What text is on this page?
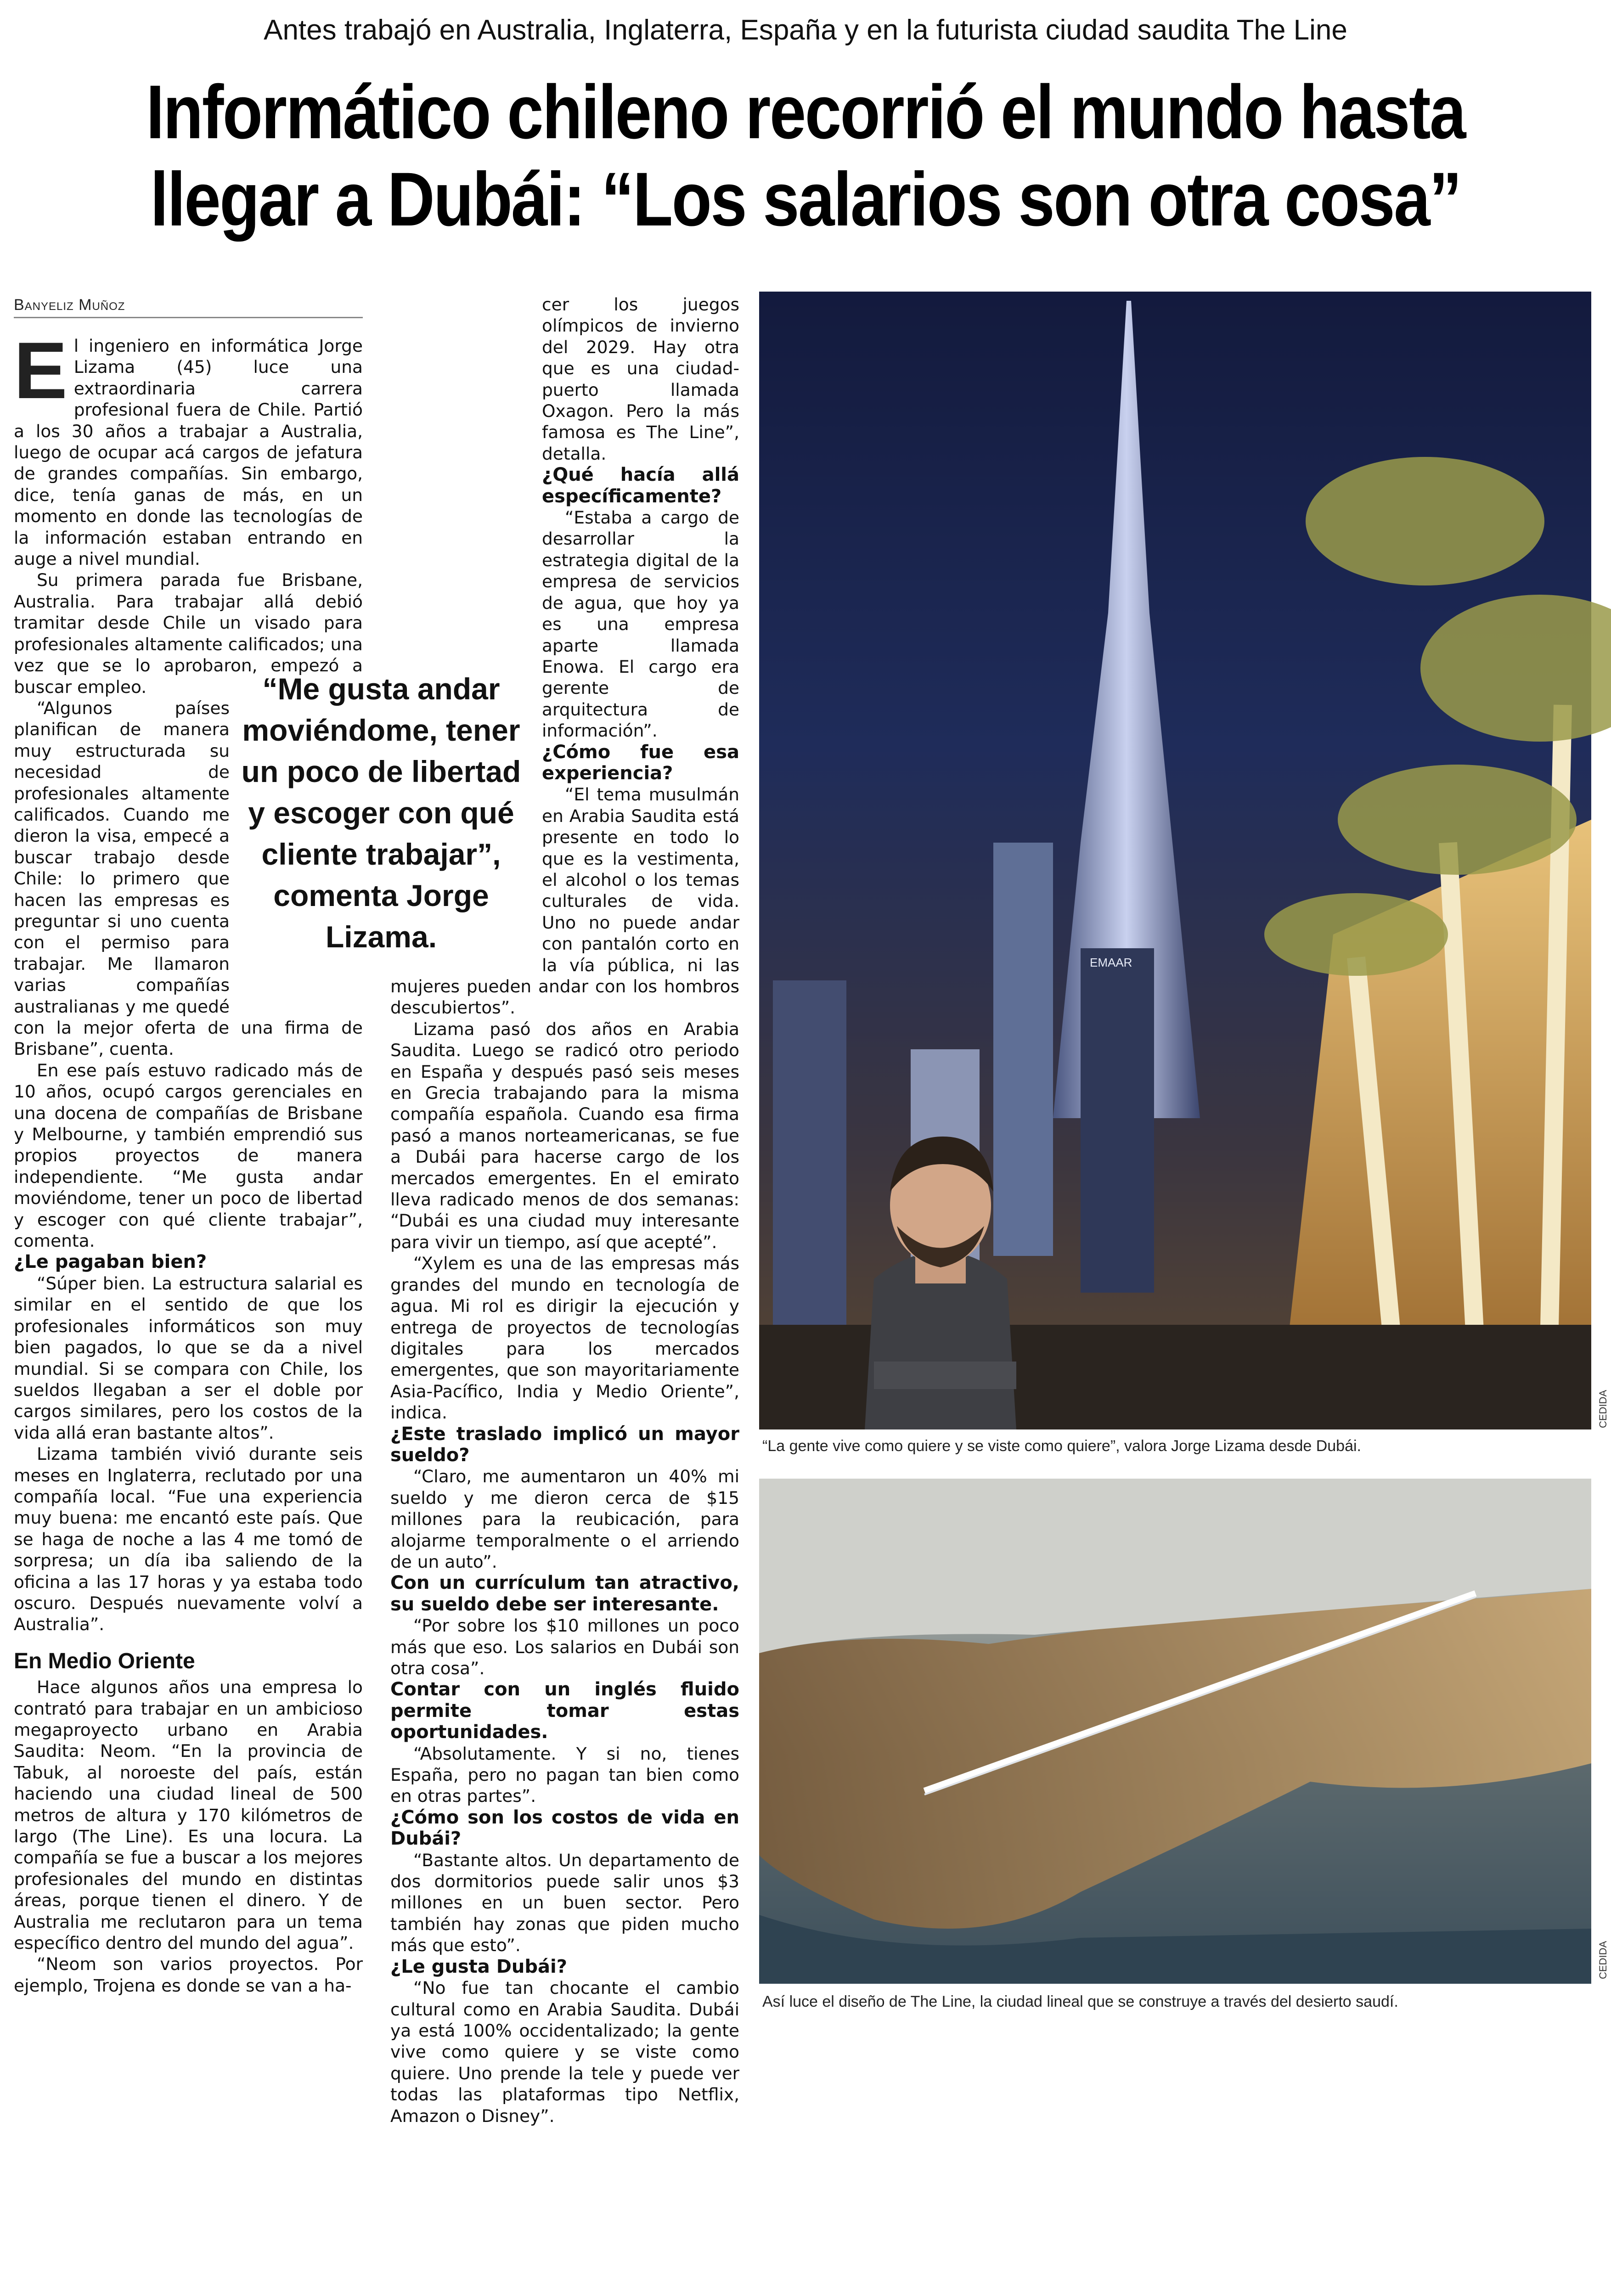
Antes trabajó en Australia, Inglaterra, España y en la futurista ciudad saudita The Line
Informático chileno recorrió el mundo hasta
llegar a Dubái: “Los salarios son otra cosa”
Banyeliz Muñoz

El ingeniero en informática Jorge Lizama (45) luce una extraordinaria carrera profesional fuera de Chile. Partió a los 30 años a trabajar a Australia, luego de ocupar acá cargos de jefatura de grandes compañías. Sin embargo, dice, tenía ganas de más, en un momento en donde las tecnologías de la información estaban entrando en auge a nivel mundial.

Su primera parada fue Brisbane, Australia. Para trabajar allá debió tramitar desde Chile un visado para profesionales altamente calificados; una vez que se lo aprobaron, empezó a buscar empleo.

“Algunos países planifican de manera muy estructurada su necesidad de profesionales altamente calificados. Cuando me dieron la visa, empecé a buscar trabajo desde Chile: lo primero que hacen las empresas es preguntar si uno cuenta con el permiso para trabajar. Me llamaron varias compañías australianas y me quedé con la mejor oferta de una firma de Brisbane”, cuenta.

En ese país estuvo radicado más de 10 años, ocupó cargos gerenciales en una docena de compañías de Brisbane y Melbourne, y también emprendió sus propios proyectos de manera independiente. “Me gusta andar moviéndome, tener un poco de libertad y escoger con qué cliente trabajar”, comenta.

¿Le pagaban bien?

“Súper bien. La estructura salarial es similar en el sentido de que los profesionales informáticos son muy bien pagados, lo que se da a nivel mundial. Si se compara con Chile, los sueldos llegaban a ser el doble por cargos similares, pero los costos de la vida allá eran bastante altos”.

Lizama también vivió durante seis meses en Inglaterra, reclutado por una compañía local. “Fue una experiencia muy buena: me encantó este país. Que se haga de noche a las 4 me tomó de sorpresa; un día iba saliendo de la oficina a las 17 horas y ya estaba todo oscuro. Después nuevamente volví a Australia”.

En Medio Oriente

Hace algunos años una empresa lo contrató para trabajar en un ambicioso megaproyecto urbano en Arabia Saudita: Neom. “En la provincia de Tabuk, al noroeste del país, están haciendo una ciudad lineal de 500 metros de altura y 170 kilómetros de largo (The Line). Es una locura. La compañía se fue a buscar a los mejores profesionales del mundo en distintas áreas, porque tienen el dinero. Y de Australia me reclutaron para un tema específico dentro del mundo del agua”.

“Neom son varios proyectos. Por ejemplo, Trojena es donde se van a ha-

“Me gusta andar moviéndome, tener un poco de libertad y escoger con qué cliente trabajar”, comenta Jorge Lizama.

cer los juegos olímpicos de invierno del 2029. Hay otra que es una ciudad-puerto llamada Oxagon. Pero la más famosa es The Line”, detalla.

¿Qué hacía allá específicamente?

“Estaba a cargo de desarrollar la estrategia digital de la empresa de servicios de agua, que hoy ya es una empresa aparte llamada Enowa. El cargo era gerente de arquitectura de información”.

¿Cómo fue esa experiencia?

“El tema musulmán en Arabia Saudita está presente en todo lo que es la vestimenta, el alcohol o los temas culturales de vida. Uno no puede andar con pantalón corto en la vía pública, ni las mujeres pueden andar con los hombros descubiertos”.

Lizama pasó dos años en Arabia Saudita. Luego se radicó otro periodo en España y después pasó seis meses en Grecia trabajando para la misma compañía española. Cuando esa firma pasó a manos norteamericanas, se fue a Dubái para hacerse cargo de los mercados emergentes. En el emirato lleva radicado menos de dos semanas: “Dubái es una ciudad muy interesante para vivir un tiempo, así que acepté”.

“Xylem es una de las empresas más grandes del mundo en tecnología de agua. Mi rol es dirigir la ejecución y entrega de proyectos de tecnologías digitales para los mercados emergentes, que son mayoritariamente Asia-Pacífico, India y Medio Oriente”, indica.

¿Este traslado implicó un mayor sueldo?

“Claro, me aumentaron un 40% mi sueldo y me dieron cerca de $15 millones para la reubicación, para alojarme temporalmente o el arriendo de un auto”.

Con un currículum tan atractivo, su sueldo debe ser interesante.

“Por sobre los $10 millones un poco más que eso. Los salarios en Dubái son otra cosa”.

Contar con un inglés fluido permite tomar estas oportunidades.

“Absolutamente. Y si no, tienes España, pero no pagan tan bien como en otras partes”.

¿Cómo son los costos de vida en Dubái?

“Bastante altos. Un departamento de dos dormitorios puede salir unos $3 millones en un buen sector. Pero también hay zonas que piden mucho más que esto”.

¿Le gusta Dubái?

“No fue tan chocante el cambio cultural como en Arabia Saudita. Dubái ya está 100% occidentalizado; la gente vive como quiere y se viste como quiere. Uno prende la tele y puede ver todas las plataformas tipo Netflix, Amazon o Disney”.

EMAAR
CEDIDA
“La gente vive como quiere y se viste como quiere”, valora Jorge Lizama desde Dubái.
CEDIDA
Así luce el diseño de The Line, la ciudad lineal que se construye a través del desierto saudí.
